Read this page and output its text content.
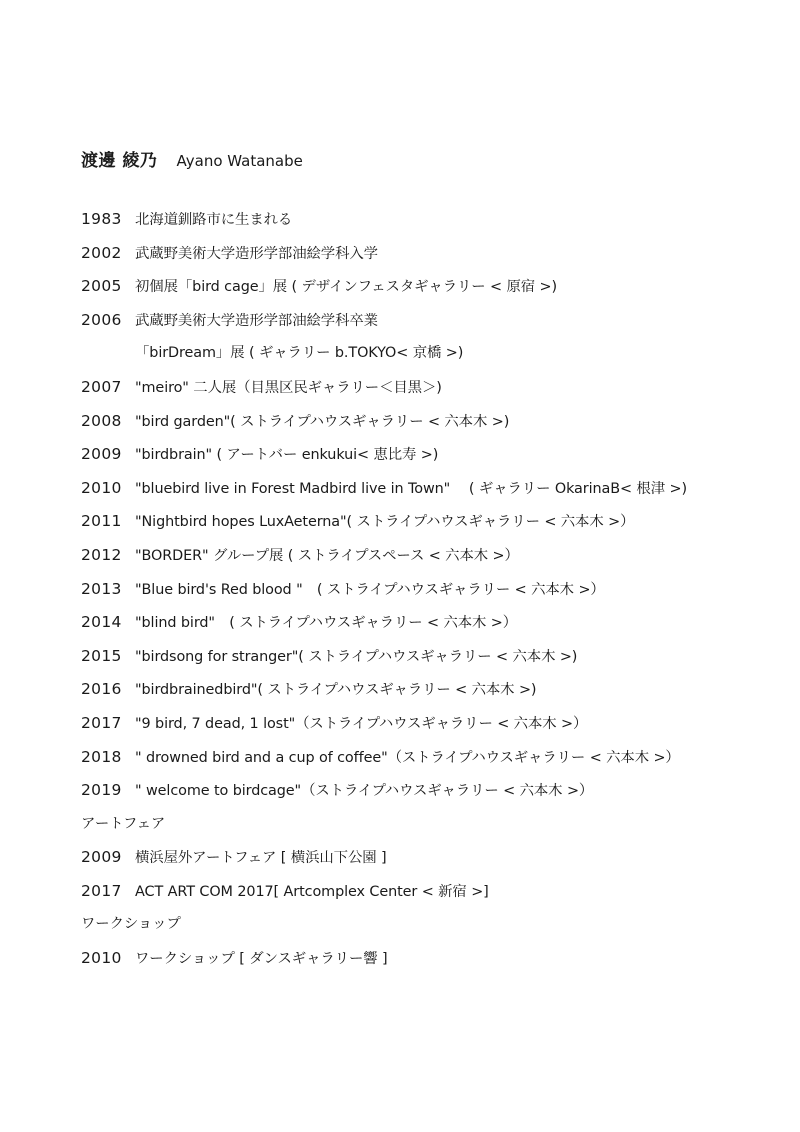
渡邊 綾乃 Ayano Watanabe
1983 北海道釧路市に生まれる
2002 武蔵野美術大学造形学部油絵学科入学
2005 初個展「bird cage」展 ( デザインフェスタギャラリー < 原宿 >)
2006 武蔵野美術大学造形学部油絵学科卒業
「birDream」展 ( ギャラリー b.TOKYO< 京橋 >)
2007 "meiro" 二人展（目黒区民ギャラリー＜目黒＞)
2008 "bird garden"( ストライプハウスギャラリー < 六本木 >)
2009 "birdbrain" ( アートバー enkukui< 恵比寿 >)
2010 "bluebird live in Forest Madbird live in Town"　 ( ギャラリー OkarinaB< 根津 >)
2011 "Nightbird hopes LuxAeterna"( ストライプハウスギャラリー < 六本木 >）
2012 "BORDER" グループ展 ( ストライプスペース < 六本木 >）
2013 "Blue bird's Red blood "　( ストライプハウスギャラリー < 六本木 >）
2014 "blind bird"　( ストライプハウスギャラリー < 六本木 >）
2015 "birdsong for stranger"( ストライプハウスギャラリー < 六本木 >)
2016 "birdbrainedbird"( ストライプハウスギャラリー < 六本木 >)
2017 "9 bird, 7 dead, 1 lost"（ストライプハウスギャラリー < 六本木 >）
2018 " drowned bird and a cup of coffee"（ストライプハウスギャラリー < 六本木 >）
2019 " welcome to birdcage"（ストライプハウスギャラリー < 六本木 >）
アートフェア
2009 横浜屋外アートフェア [ 横浜山下公園 ]
2017 ACT ART COM 2017[ Artcomplex Center < 新宿 >]
ワークショップ
2010 ワークショップ [ ダンスギャラリー響 ]
